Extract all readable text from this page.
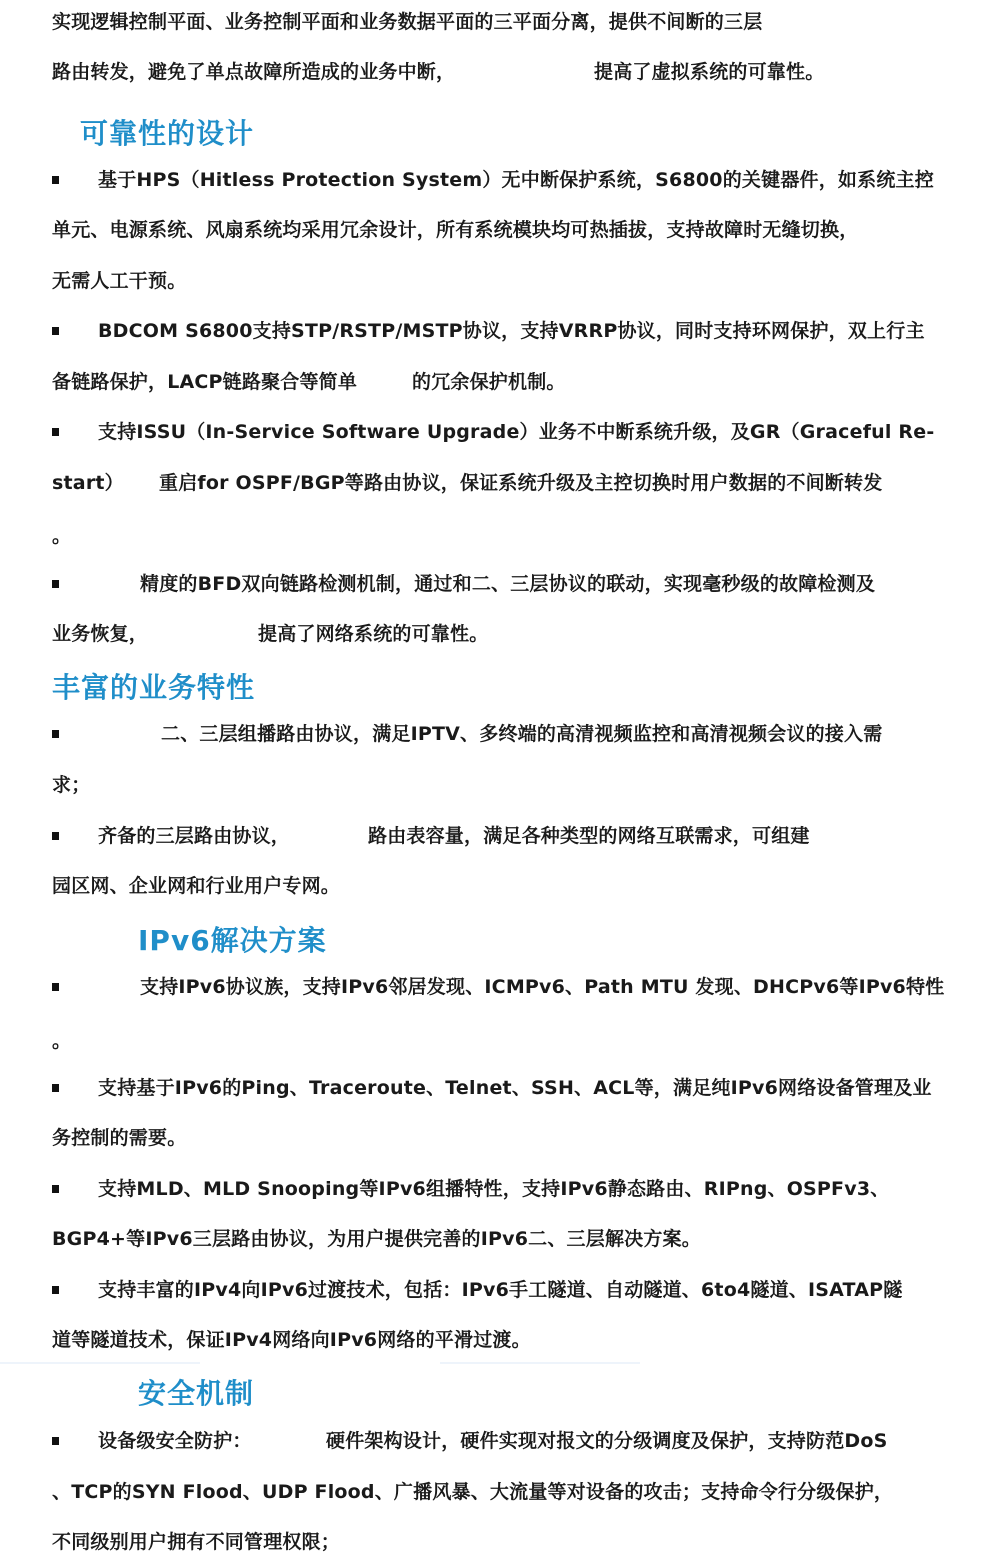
实现逻辑控制平面、业务控制平面和业务数据平面的三平面分离，提供不间断的三层
路由转发，避免了单点故障所造成的业务中断，	提高了虚拟系统的可靠性。
可靠性的设计
基于HPS（Hitless Protection System）无中断保护系统，S6800的关键器件，如系统主控
单元、电源系统、风扇系统均采用冗余设计，所有系统模块均可热插拔，支持故障时无缝切换，
无需人工干预。
BDCOM S6800支持STP/RSTP/MSTP协议，支持VRRP协议，同时支持环网保护，双上行主
备链路保护，LACP链路聚合等简单	的冗余保护机制。
支持ISSU（In-Service Software Upgrade）业务不中断系统升级，及GR（Graceful Re-
start） 重启for OSPF/BGP等路由协议，保证系统升级及主控切换时用户数据的不间断转发
。
精度的BFD双向链路检测机制，通过和二、三层协议的联动，实现毫秒级的故障检测及
业务恢复，	提高了网络系统的可靠性。
丰富的业务特性
二、三层组播路由协议，满足IPTV、多终端的高清视频监控和高清视频会议的接入需
求；
齐备的三层路由协议，	路由表容量，满足各种类型的网络互联需求，可组建
园区网、企业网和行业用户专网。
IPv6解决方案
支持IPv6协议族，支持IPv6邻居发现、ICMPv6、Path MTU 发现、DHCPv6等IPv6特性
。
支持基于IPv6的Ping、Traceroute、Telnet、SSH、ACL等，满足纯IPv6网络设备管理及业
务控制的需要。
支持MLD、MLD Snooping等IPv6组播特性，支持IPv6静态路由、RIPng、OSPFv3、
BGP4+等IPv6三层路由协议，为用户提供完善的IPv6二、三层解决方案。
支持丰富的IPv4向IPv6过渡技术，包括：IPv6手工隧道、自动隧道、6to4隧道、ISATAP隧
道等隧道技术，保证IPv4网络向IPv6网络的平滑过渡。
安全机制
设备级安全防护：	硬件架构设计，硬件实现对报文的分级调度及保护，支持防范DoS
、TCP的SYN Flood、UDP Flood、广播风暴、大流量等对设备的攻击；支持命令行分级保护，
不同级别用户拥有不同管理权限；
